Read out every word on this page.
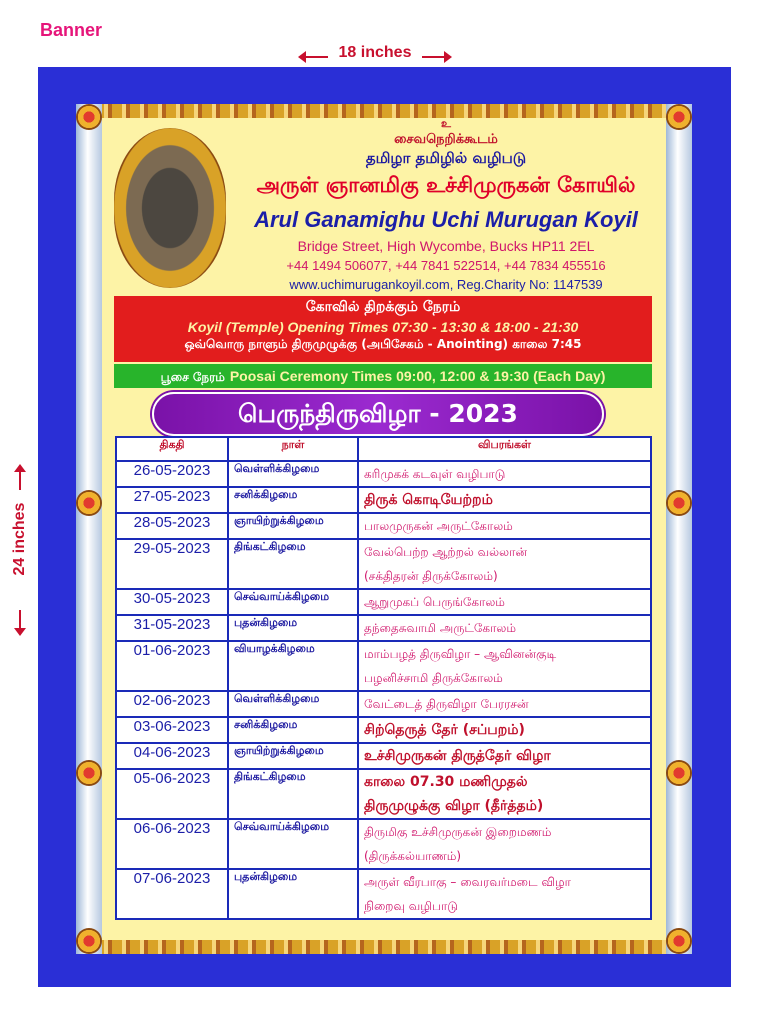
Banner
18 inches
24 inches
உ
சைவநெறிக்கூடம்
தமிழா தமிழில் வழிபடு
அருள் ஞானமிகு உச்சிமுருகன் கோயில்
Arul Ganamighu Uchi Murugan Koyil
Bridge Street, High Wycombe, Bucks HP11 2EL
+44 1494 506077, +44 7841 522514, +44 7834 455516
www.uchimurugankoyil.com, Reg.Charity No: 1147539
கோவில் திறக்கும் நேரம்
Koyil (Temple) Opening Times 07:30 - 13:30 & 18:00 - 21:30
ஒவ்வொரு நாளும் திருமுழுக்கு (அபிசேகம் - Anointing) காலை 7:45
பூசை நேரம் Poosai Ceremony Times 09:00, 12:00 & 19:30 (Each Day)
பெருந்திருவிழா - 2023
திகதி	நாள்	விபரங்கள்
26-05-2023	வெள்ளிக்கிழமை	கரிமுகக் கடவுள் வழிபாடு
27-05-2023	சனிக்கிழமை	திருக் கொடியேற்றம்
28-05-2023	ஞாயிற்றுக்கிழமை	பாலமுருகன் அருட்கோலம்
29-05-2023	திங்கட்கிழமை	வேல்பெற்ற ஆற்றல் வல்லான்
(சக்திதரன் திருக்கோலம்)

30-05-2023	செவ்வாய்க்கிழமை	ஆறுமுகப் பெருங்கோலம்
31-05-2023	புதன்கிழமை	தந்தைசுவாமி அருட்கோலம்
01-06-2023	வியாழக்கிழமை	மாம்பழத் திருவிழா – ஆவினன்குடி
பழனிச்சாமி திருக்கோலம்

02-06-2023	வெள்ளிக்கிழமை	வேட்டைத் திருவிழா பேரரசன்
03-06-2023	சனிக்கிழமை	சிற்தெருத் தேர் (சப்பறம்)
04-06-2023	ஞாயிற்றுக்கிழமை	உச்சிமுருகன் திருத்தேர் விழா
05-06-2023	திங்கட்கிழமை	காலை 07.30 மணிமுதல்
திருமுழுக்கு விழா (தீர்த்தம்)

06-06-2023	செவ்வாய்க்கிழமை	திருமிகு உச்சிமுருகன் இறைமணம்
(திருக்கல்யாணம்)

07-06-2023	புதன்கிழமை	அருள் வீரபாகு – வைரவர்மடை விழா
நிறைவு வழிபாடு
